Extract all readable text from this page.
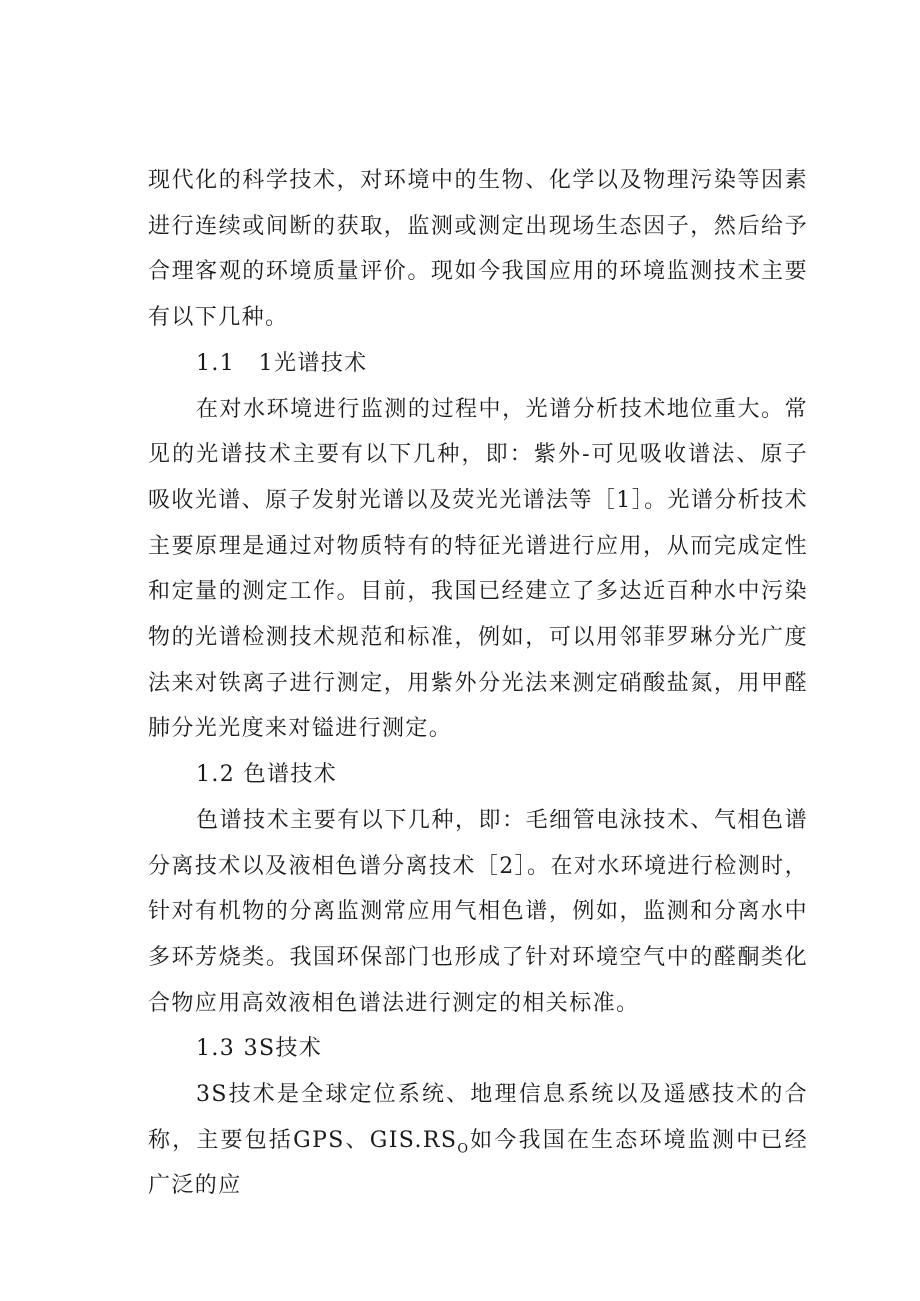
现代化的科学技术，对环境中的生物、化学以及物理污染等因素进行连续或间断的获取，监测或测定出现场生态因子，然后给予合理客观的环境质量评价。现如今我国应用的环境监测技术主要有以下几种。

1.1　1光谱技术

在对水环境进行监测的过程中，光谱分析技术地位重大。常见的光谱技术主要有以下几种，即：紫外-可见吸收谱法、原子吸收光谱、原子发射光谱以及荧光光谱法等［1］。光谱分析技术主要原理是通过对物质特有的特征光谱进行应用，从而完成定性和定量的测定工作。目前，我国已经建立了多达近百种水中污染物的光谱检测技术规范和标准，例如，可以用邻菲罗琳分光广度法来对铁离子进行测定，用紫外分光法来测定硝酸盐氮，用甲醛肺分光光度来对镒进行测定。

1.2 色谱技术

色谱技术主要有以下几种，即：毛细管电泳技术、气相色谱分离技术以及液相色谱分离技术［2］。在对水环境进行检测时，针对有机物的分离监测常应用气相色谱，例如，监测和分离水中多环芳烧类。我国环保部门也形成了针对环境空气中的醛酮类化合物应用高效液相色谱法进行测定的相关标准。

1.3 3S技术

3S技术是全球定位系统、地理信息系统以及遥感技术的合称，主要包括GPS、$GIS.RS_O$如今我国在生态环境监测中已经广泛的应
